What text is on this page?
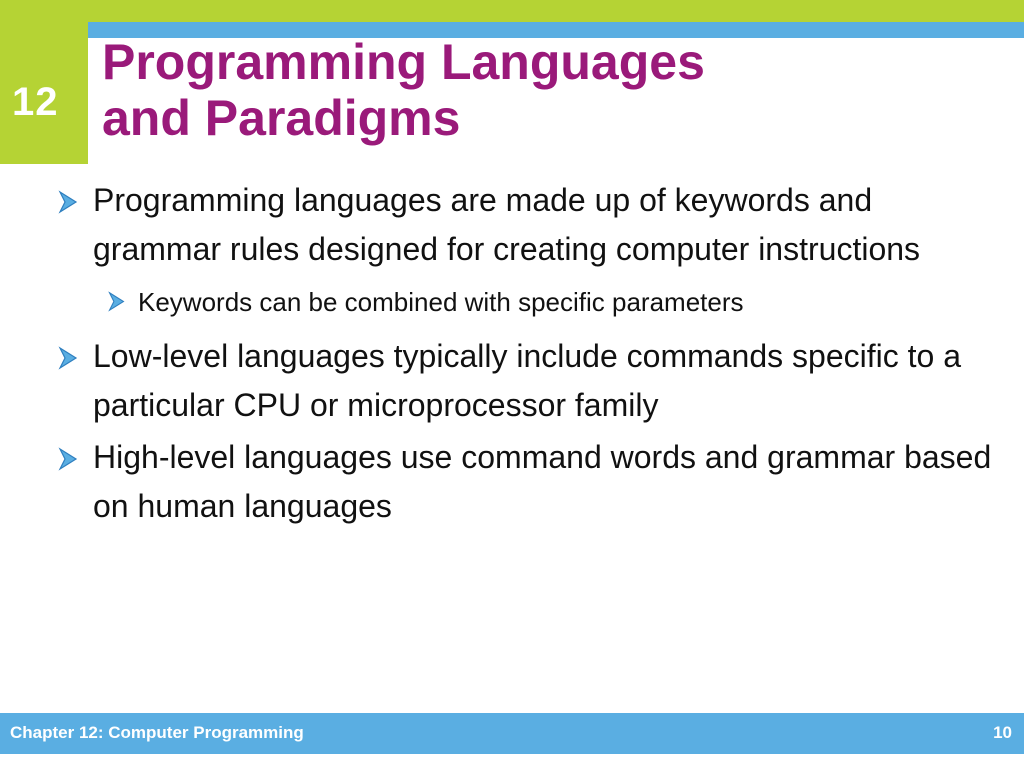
12
Programming Languages
and Paradigms
Programming languages are made up of keywords and grammar rules designed for creating computer instructions
Keywords can be combined with specific parameters
Low-level languages typically include commands specific to a particular CPU or microprocessor family
High-level languages use command words and grammar based on human languages
Chapter 12: Computer Programming	10
